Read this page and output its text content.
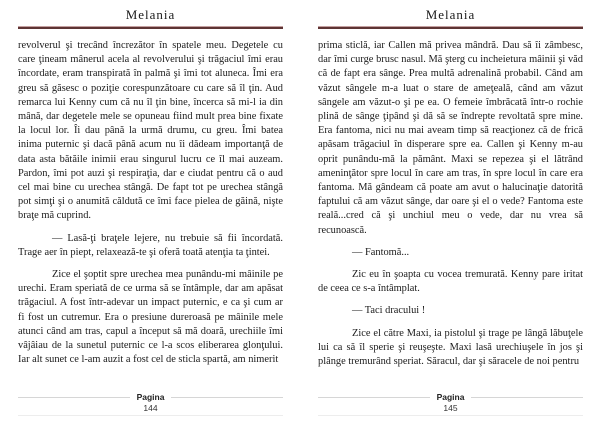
Melania

revolverul şi trecând încrezător în spatele meu. Degetele cu care ţineam mânerul acela al revolverului şi trăgaciul îmi erau încordate, eram transpirată în palmă şi îmi tot aluneca. Îmi era greu să găsesc o poziţie corespunzătoare cu care să îl ţin. Aud remarca lui Kenny cum că nu îl ţin bine, încerca să mi-l ia din mână, dar degetele mele se opuneau fiind mult prea bine fixate la locul lor. Îi dau până la urmă drumu, cu greu. Îmi batea inima puternic şi dacă până acum nu îi dădeam importanţă de data asta bătăile inimii erau singurul lucru ce îl mai auzeam. Pardon, îmi pot auzi şi respiraţia, dar e ciudat pentru că o aud cel mai bine cu urechea stângă. De fapt tot pe urechea stângă pot simţi şi o anumită căldută ce îmi face pielea de găină, nişte braţe mă cuprind.

— Lasă-ţi braţele lejere, nu trebuie să fii încordată. Trage aer în piept, relaxează-te şi oferă toată atenţia ta ţintei.

Zice el şoptit spre urechea mea punându-mi mâinile pe urechi. Eram speriată de ce urma să se întâmple, dar am apăsat trăgaciul. A fost într-adevar un impact puternic, e ca şi cum ar fi fost un cutremur. Era o presiune dureroasă pe mâinile mele atunci când am tras, capul a început să mă doară, urechiile îmi vâjâiau de la sunetul puternic ce l-a scos eliberarea glonţului. Iar alt sunet ce l-am auzit a fost cel de sticla spartă, am nimerit

Pagina
144
Melania

prima sticlă, iar Callen mă privea mândră. Dau să îi zâmbesc, dar îmi curge brusc nasul. Mă şterg cu incheietura mâinii şi văd că de fapt era sânge. Prea multă adrenalină probabil. Când am văzut sângele m-a luat o stare de ameţeală, când am văzut sângele am văzut-o şi pe ea. O femeie îmbrăcată într-o rochie plină de sânge ţipând şi dă să se îndrepte revoltată spre mine. Era fantoma, nici nu mai aveam timp să reacţionez că de frică apăsam trăgaciul în disperare spre ea. Callen şi Kenny m-au oprit punându-mă la pământ. Maxi se repezea şi el lătrând ameninţător spre locul în care am tras, în spre locul în care era fantoma. Mă gândeam că poate am avut o halucinaţie datorită faptului că am văzut sânge, dar oare şi el o vede? Fantoma este reală...cred că şi unchiul meu o vede, dar nu vrea să recunoască.

— Fantomă...

Zic eu în şoapta cu vocea tremurată. Kenny pare iritat de ceea ce s-a întâmplat.

— Taci dracului !

Zice el către Maxi, ia pistolul şi trage pe lângă lăbuţele lui ca să îl sperie şi reuşeşte. Maxi lasă urechiuşele în jos şi plânge tremurând speriat. Săracul, dar şi săracele de noi pentru

Pagina
145
